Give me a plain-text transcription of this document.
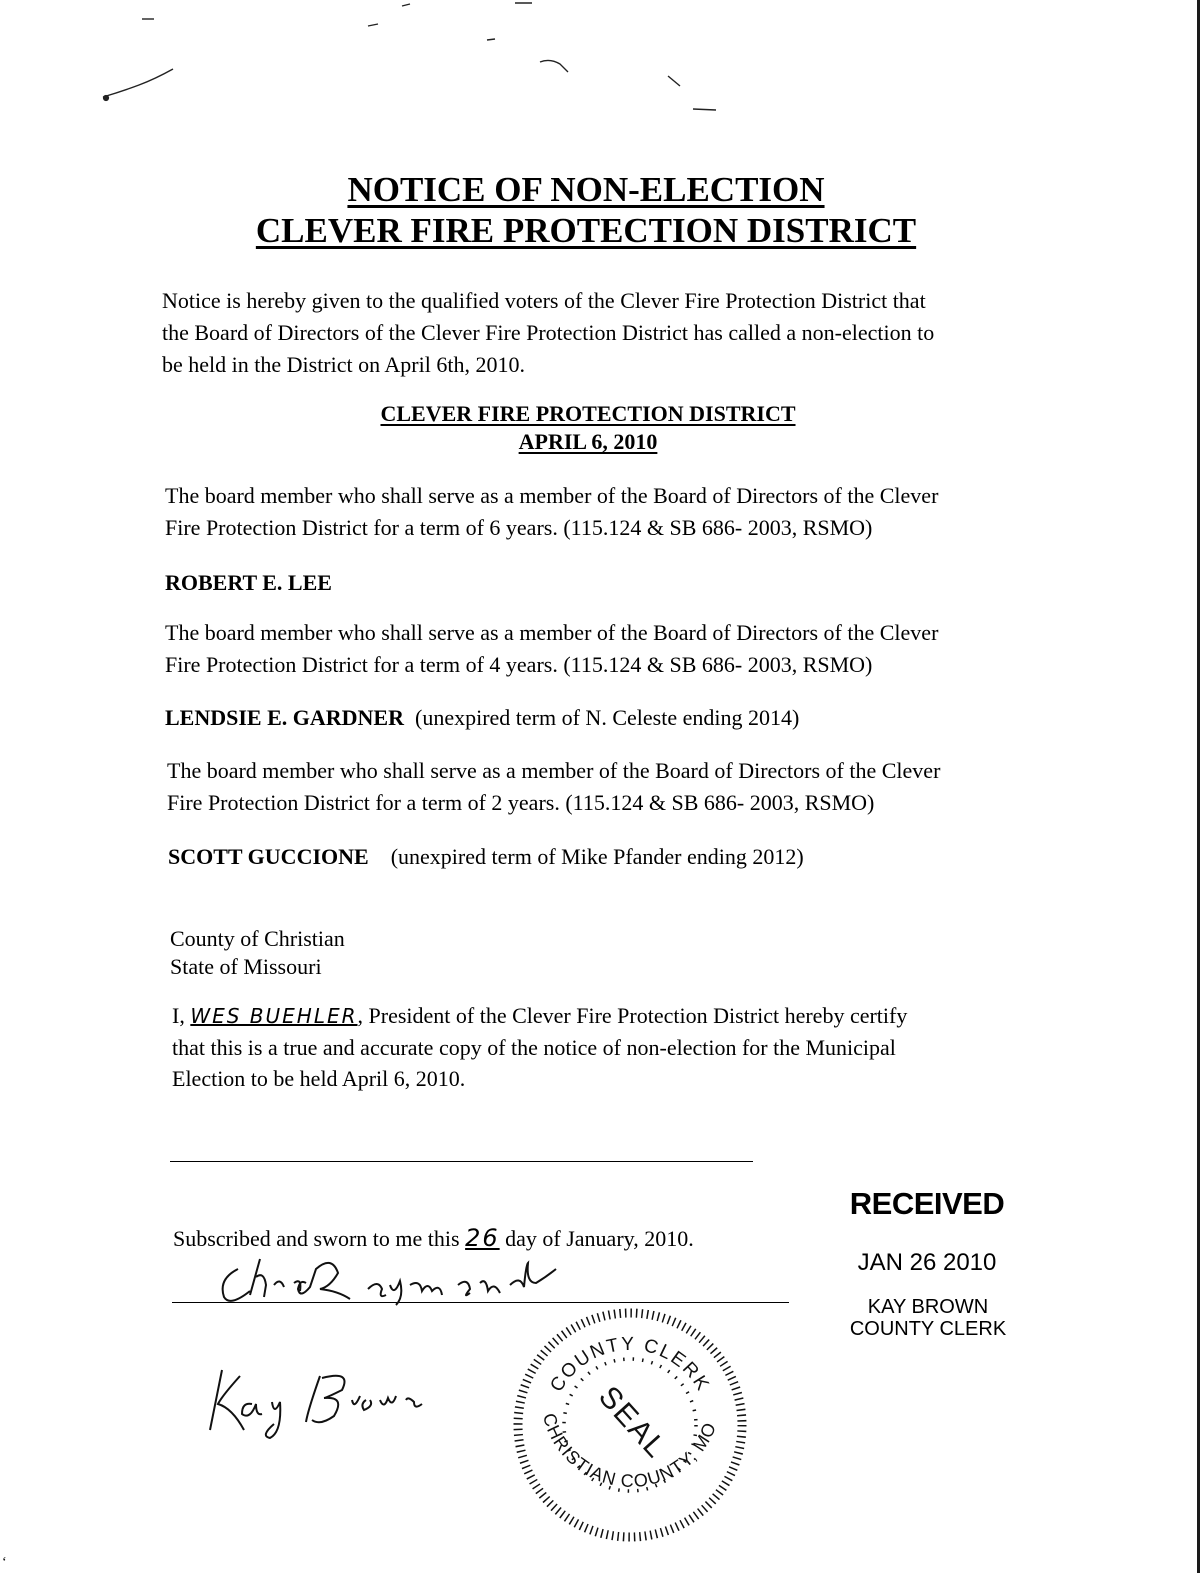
NOTICE OF NON-ELECTION
CLEVER FIRE PROTECTION DISTRICT
Notice is hereby given to the qualified voters of the Clever Fire Protection District that
the Board of Directors of the Clever Fire Protection District has called a non-election to
be held in the District on April 6th, 2010.
CLEVER FIRE PROTECTION DISTRICT
APRIL 6, 2010
The board member who shall serve as a member of the Board of Directors of the Clever
Fire Protection District for a term of 6 years. (115.124 & SB 686- 2003, RSMO)
ROBERT E. LEE
The board member who shall serve as a member of the Board of Directors of the Clever
Fire Protection District for a term of 4 years. (115.124 & SB 686- 2003, RSMO)
LENDSIE E. GARDNER (unexpired term of N. Celeste ending 2014)
The board member who shall serve as a member of the Board of Directors of the Clever
Fire Protection District for a term of 2 years. (115.124 & SB 686- 2003, RSMO)
SCOTT GUCCIONE (unexpired term of Mike Pfander ending 2012)
County of Christian
State of Missouri
I, WES BUEHLER, President of the Clever Fire Protection District hereby certify
that this is a true and accurate copy of the notice of non-election for the Municipal
Election to be held April 6, 2010.
Subscribed and sworn to me this 26 day of January, 2010.
RECEIVED
JAN 26 2010
KAY BROWN
COUNTY CLERK
COUNTY CLERK
CHRISTIAN COUNTY, MO
SEAL
ʻ
